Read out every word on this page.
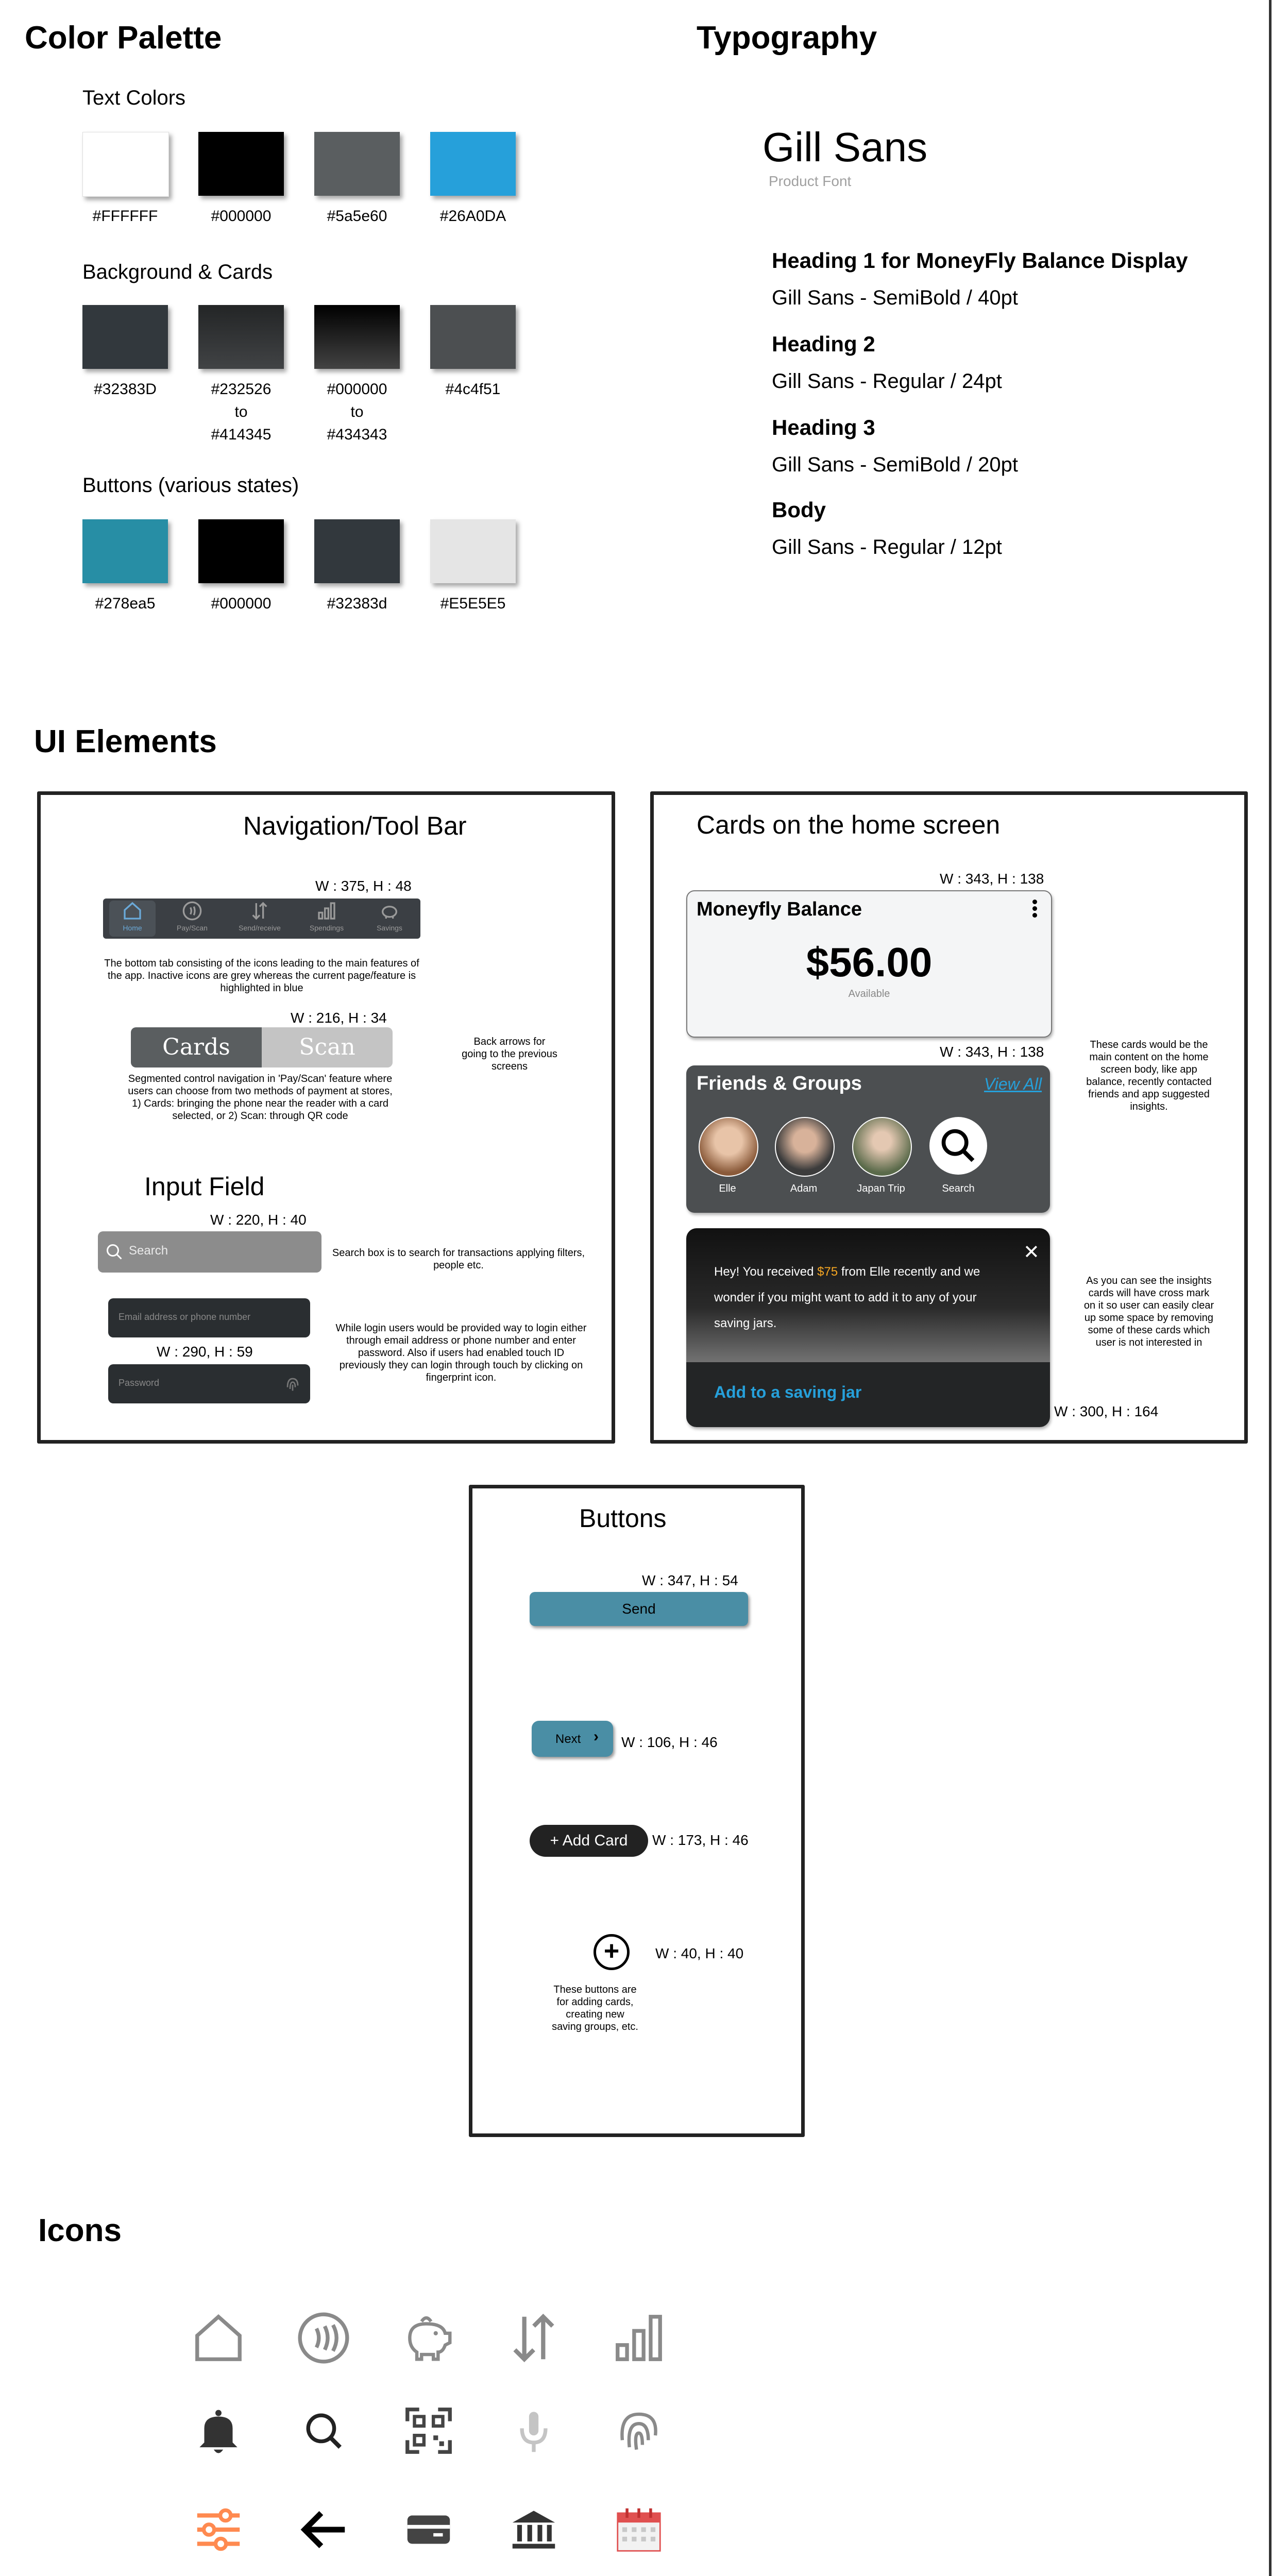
Color Palette
Text Colors
#FFFFFF	#000000	#5a5e60	#26A0DA
Background & Cards
#32383D	#232526
to
#414345
#000000
to
#434343
#4c4f51
Buttons (various states)
#278ea5	#000000	#32383d	#E5E5E5
Typography
Gill Sans
Product Font
Heading 1 for MoneyFly Balance Display
Gill Sans - SemiBold / 40pt
Heading 2
Gill Sans - Regular / 24pt
Heading 3
Gill Sans - SemiBold / 20pt
Body
Gill Sans - Regular / 12pt
UI Elements
Navigation/Tool Bar
W : 375, H : 48
Home	Pay/Scan	Send/receive	Spendings	Savings
The bottom tab consisting of the icons leading to the main features of the app. Inactive icons are grey whereas the current page/feature is highlighted in blue
W : 216, H : 34
Cards	Scan
Segmented control navigation in 'Pay/Scan' feature where users can choose from two methods of payment at stores, 1) Cards: bringing the phone near the reader with a card selected, or 2) Scan: through QR code
Back arrows for going to the previous screens
Input Field
W : 220, H : 40
Search	Search box is to search for transactions applying filters, people etc.
Email address or phone number
W : 290, H : 59
Password
While login users would be provided way to login either through email address or phone number and enter password. Also if users had enabled touch ID previously they can login through touch by clicking on fingerprint icon.
Cards on the home screen
W : 343, H : 138
Moneyfly Balance
$56.00
Available
W : 343, H : 138
Friends & Groups	View All
Elle	Adam	Japan Trip	Search
These cards would be the main content on the home screen body, like app balance, recently contacted friends and app suggested insights.
✕
Hey! You received $75 from Elle recently and we wonder if you might want to add it to any of your saving jars.
Add to a saving jar
W : 300, H : 164
As you can see the insights cards will have cross mark on it so user can easily clear up some space by removing some of these cards which user is not interested in
Buttons
W : 347, H : 54
Send
Next › W : 106, H : 46
+ Add Card	W : 173, H : 46
+	W : 40, H : 40
These buttons are for adding cards, creating new saving groups, etc.
Icons
